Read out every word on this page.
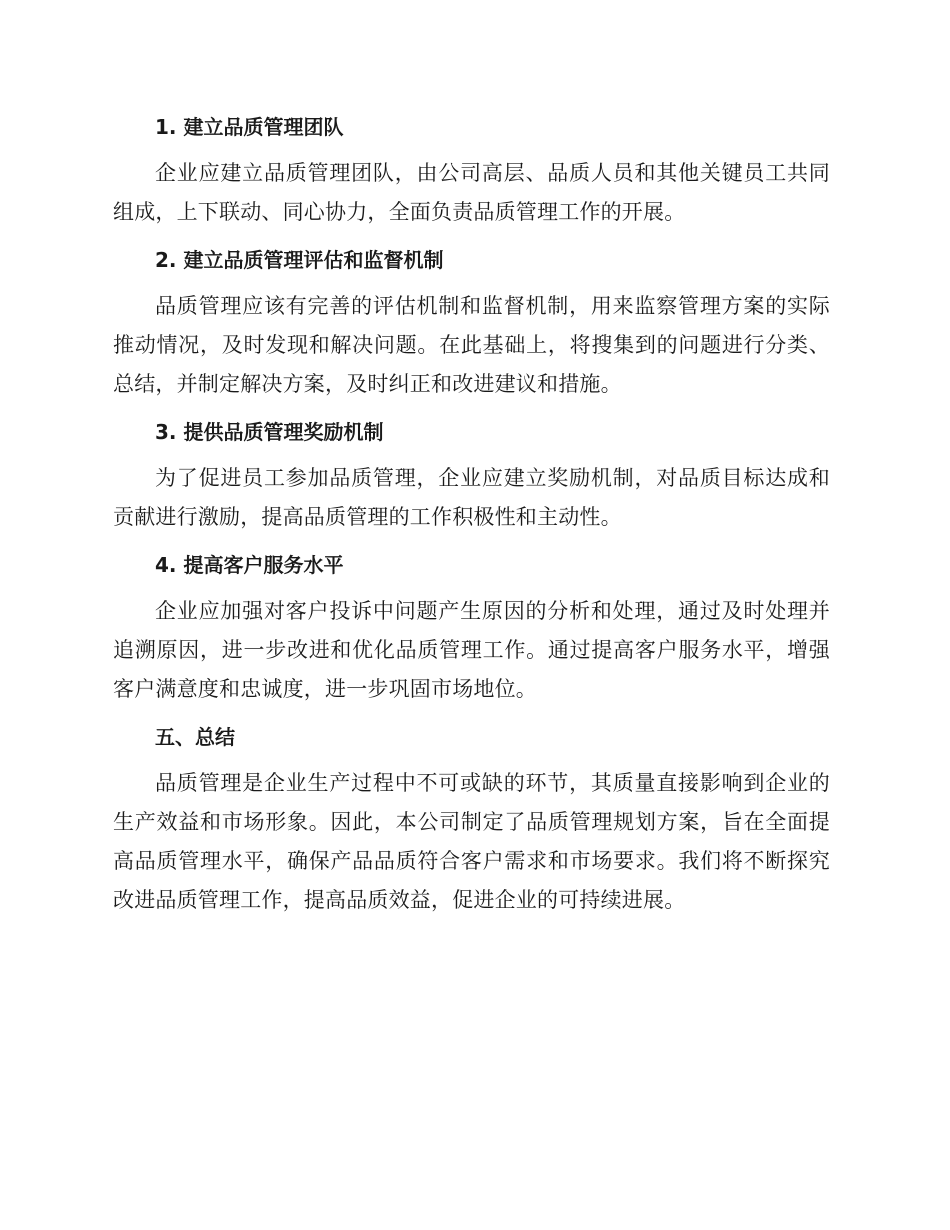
1. 建立品质管理团队

企业应建立品质管理团队，由公司高层、品质人员和其他关键员工共同组成，上下联动、同心协力，全面负责品质管理工作的开展。

2. 建立品质管理评估和监督机制

品质管理应该有完善的评估机制和监督机制，用来监察管理方案的实际推动情况，及时发现和解决问题。在此基础上，将搜集到的问题进行分类、总结，并制定解决方案，及时纠正和改进建议和措施。

3. 提供品质管理奖励机制

为了促进员工参加品质管理，企业应建立奖励机制，对品质目标达成和贡献进行激励，提高品质管理的工作积极性和主动性。

4. 提高客户服务水平

企业应加强对客户投诉中问题产生原因的分析和处理，通过及时处理并追溯原因，进一步改进和优化品质管理工作。通过提高客户服务水平，增强客户满意度和忠诚度，进一步巩固市场地位。

五、总结

品质管理是企业生产过程中不可或缺的环节，其质量直接影响到企业的生产效益和市场形象。因此，本公司制定了品质管理规划方案，旨在全面提高品质管理水平，确保产品品质符合客户需求和市场要求。我们将不断探究改进品质管理工作，提高品质效益，促进企业的可持续进展。
